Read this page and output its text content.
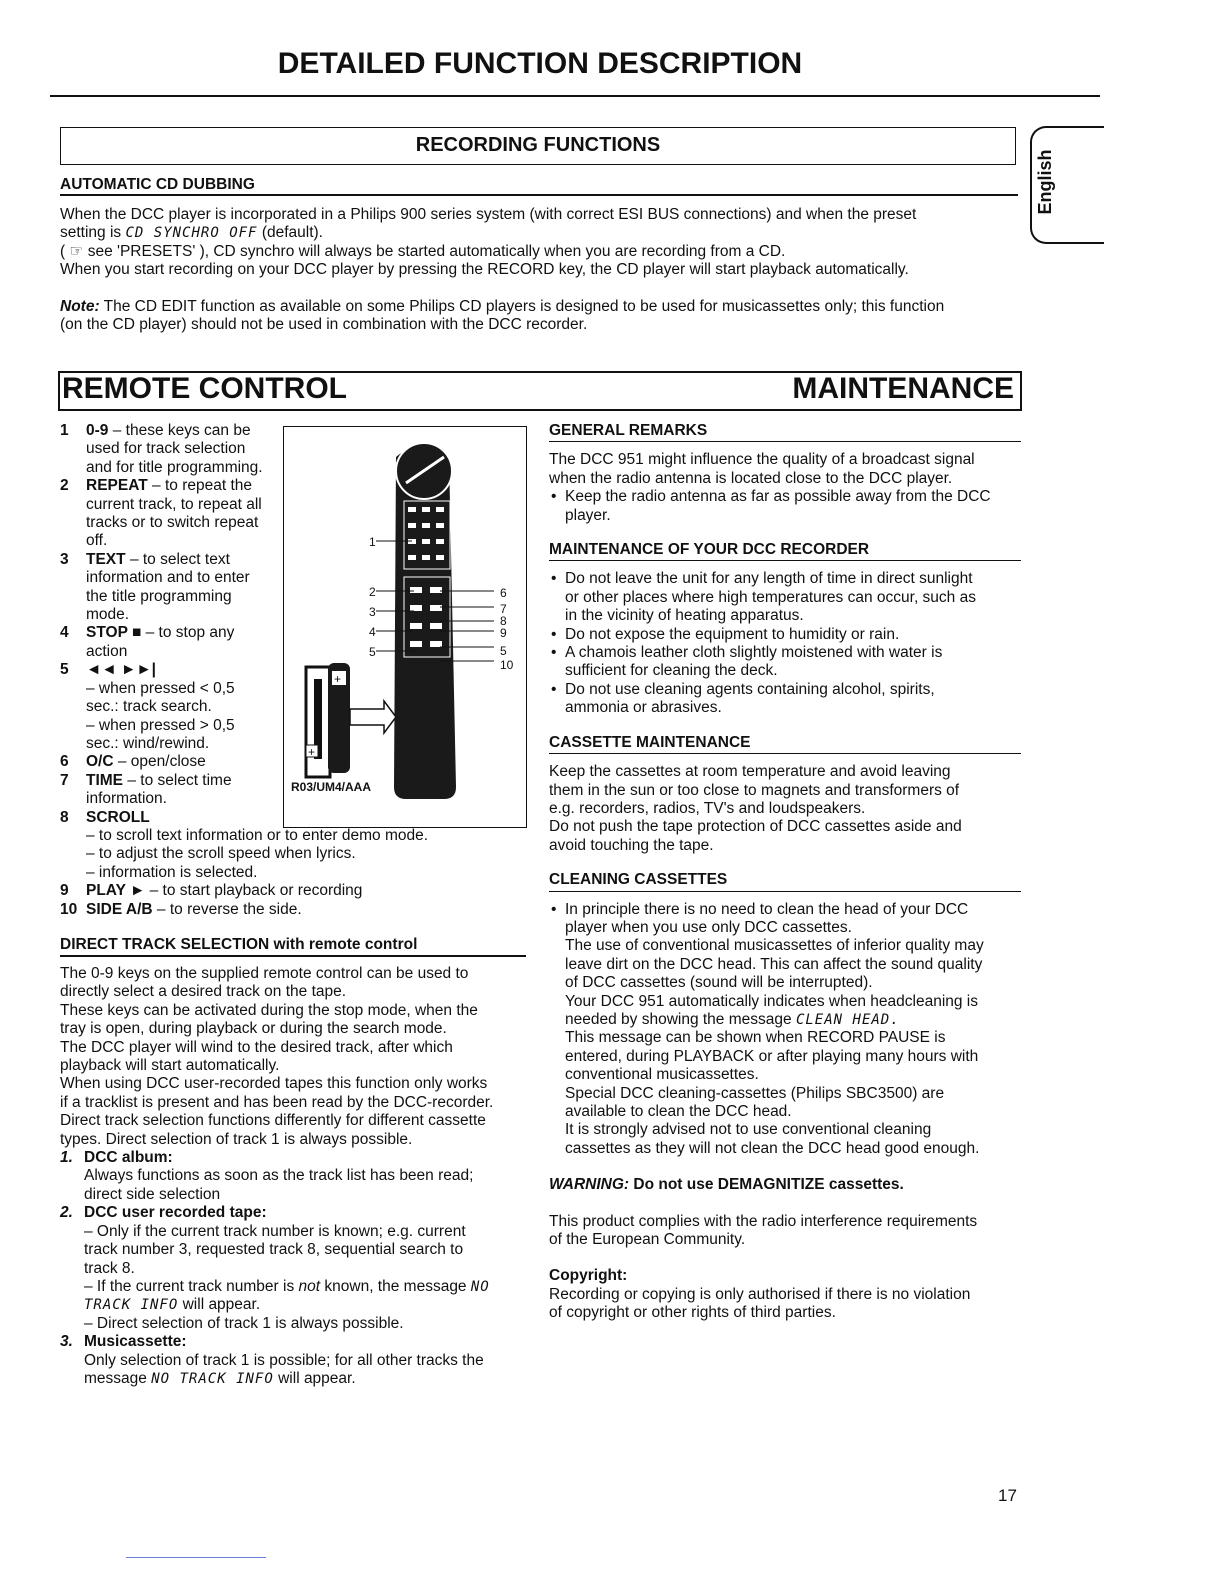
DETAILED FUNCTION DESCRIPTION
English
RECORDING FUNCTIONS
AUTOMATIC CD DUBBING

When the DCC player is incorporated in a Philips 900 series system (with correct ESI BUS connections) and when the preset

setting is CD SYNCHRO OFF (default).

( ☞ see 'PRESETS' ), CD synchro will always be started automatically when you are recording from a CD.

When you start recording on your DCC player by pressing the RECORD key, the CD player will start playback automatically.

Note: The CD EDIT function as available on some Philips CD players is designed to be used for musicassettes only; this function

(on the CD player) should not be used in combination with the DCC recorder.

REMOTE CONTROL	MAINTENANCE
+
+
R03/UM4/AAA
1
2
3
4
5
6
7
8
9
5
10
1 0-9 – these keys can be
used for track selection
and for title programming.
2 REPEAT – to repeat the
current track, to repeat all
tracks or to switch repeat
off.
3 TEXT – to select text
information and to enter
the title programming
mode.
4 STOP ■ – to stop any
action
5 ◄◄ ►►|
– when pressed < 0,5
sec.: track search.
– when pressed > 0,5
sec.: wind/rewind.
6 O/C – open/close
7 TIME – to select time
information.
8 SCROLL
– to scroll text information or to enter demo mode.
– to adjust the scroll speed when lyrics.
– information is selected.
9 PLAY ► – to start playback or recording
10 SIDE A/B – to reverse the side.
DIRECT TRACK SELECTION with remote control

The 0-9 keys on the supplied remote control can be used to

directly select a desired track on the tape.

These keys can be activated during the stop mode, when the

tray is open, during playback or during the search mode.

The DCC player will wind to the desired track, after which

playback will start automatically.

When using DCC user-recorded tapes this function only works

if a tracklist is present and has been read by the DCC-recorder.

Direct track selection functions differently for different cassette

types. Direct selection of track 1 is always possible.

1. DCC album:

Always functions as soon as the track list has been read;

direct side selection

2. DCC user recorded tape:

– Only if the current track number is known; e.g. current

track number 3, requested track 8, sequential search to

track 8.

– If the current track number is not known, the message NO

TRACK INFO will appear.

– Direct selection of track 1 is always possible.

3. Musicassette:

Only selection of track 1 is possible; for all other tracks the

message NO TRACK INFO will appear.

GENERAL REMARKS

The DCC 951 might influence the quality of a broadcast signal

when the radio antenna is located close to the DCC player.

• Keep the radio antenna as far as possible away from the DCC
player.

MAINTENANCE OF YOUR DCC RECORDER

• Do not leave the unit for any length of time in direct sunlight
or other places where high temperatures can occur, such as
in the vicinity of heating apparatus.
• Do not expose the equipment to humidity or rain.
• A chamois leather cloth slightly moistened with water is
sufficient for cleaning the deck.
• Do not use cleaning agents containing alcohol, spirits,
ammonia or abrasives.

CASSETTE MAINTENANCE

Keep the cassettes at room temperature and avoid leaving

them in the sun or too close to magnets and transformers of

e.g. recorders, radios, TV's and loudspeakers.

Do not push the tape protection of DCC cassettes aside and

avoid touching the tape.

CLEANING CASSETTES

• In principle there is no need to clean the head of your DCC
player when you use only DCC cassettes.
The use of conventional musicassettes of inferior quality may
leave dirt on the DCC head. This can affect the sound quality
of DCC cassettes (sound will be interrupted).
Your DCC 951 automatically indicates when headcleaning is
needed by showing the message CLEAN HEAD.
This message can be shown when RECORD PAUSE is
entered, during PLAYBACK or after playing many hours with
conventional musicassettes.
Special DCC cleaning-cassettes (Philips SBC3500) are
available to clean the DCC head.
It is strongly advised not to use conventional cleaning
cassettes as they will not clean the DCC head good enough.

WARNING: Do not use DEMAGNITIZE cassettes.

This product complies with the radio interference requirements

of the European Community.

Copyright:

Recording or copying is only authorised if there is no violation

of copyright or other rights of third parties.

17
